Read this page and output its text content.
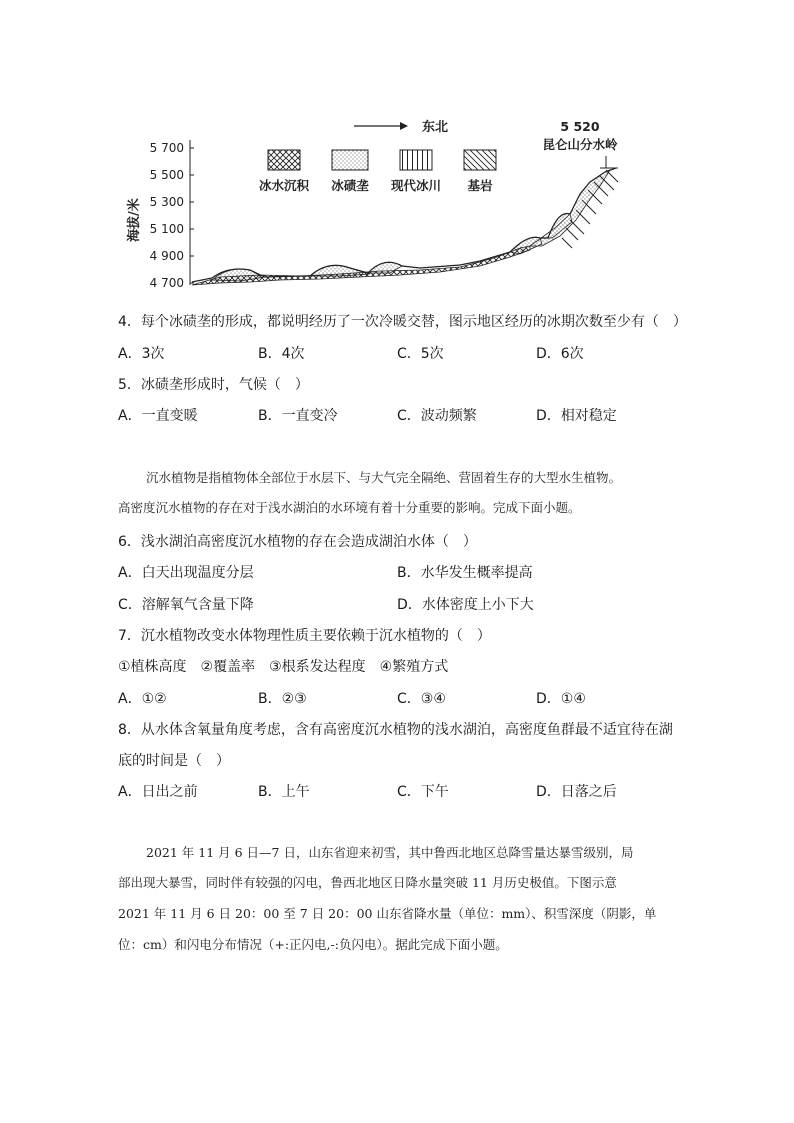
5 700
5 500
5 300
5 100
4 900
4 700
海拔/米
东北	5 520
昆仑山分水岭
冰水沉积 冰碛垄 现代冰川 基岩
4．每个冰碛垄的形成，都说明经历了一次冷暖交替，图示地区经历的冰期次数至少有（　）
A．3次	B．4次	C．5次	D．6次
5．冰碛垄形成时，气候（　）
A．一直变暖	B．一直变冷	C．波动频繁	D．相对稳定
沉水植物是指植物体全部位于水层下、与大气完全隔绝、营固着生存的大型水生植物。
高密度沉水植物的存在对于浅水湖泊的水环境有着十分重要的影响。完成下面小题。
6．浅水湖泊高密度沉水植物的存在会造成湖泊水体（　）
A．白天出现温度分层	B．水华发生概率提高
C．溶解氧气含量下降	D．水体密度上小下大
7．沉水植物改变水体物理性质主要依赖于沉水植物的（　）
①植株高度　②覆盖率　③根系发达程度　④繁殖方式
A．①②	B．②③	C．③④	D．①④
8．从水体含氧量角度考虑，含有高密度沉水植物的浅水湖泊，高密度鱼群最不适宜待在湖
底的时间是（　）
A．日出之前	B．上午	C．下午	D．日落之后
2021 年 11 月 6 日—7 日，山东省迎来初雪，其中鲁西北地区总降雪量达暴雪级别，局
部出现大暴雪，同时伴有较强的闪电，鲁西北地区日降水量突破 11 月历史极值。下图示意
2021 年 11 月 6 日 20：00 至 7 日 20：00 山东省降水量（单位：mm）、积雪深度（阴影，单
位：cm）和闪电分布情况（+:正闪电,-:负闪电）。据此完成下面小题。
